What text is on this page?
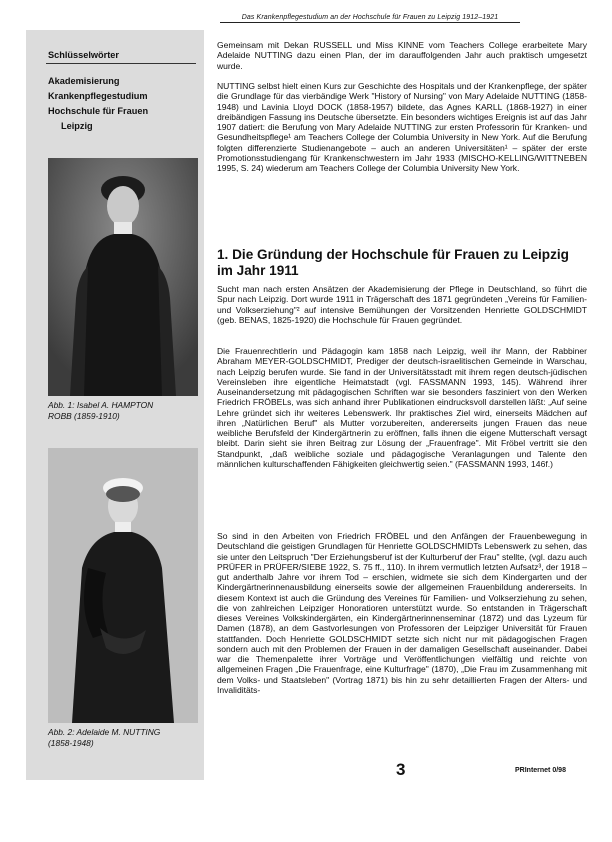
Das Krankenpflegestudium an der Hochschule für Frauen zu Leipzig 1912–1921
Schlüsselwörter
Akademisierung
Krankenpflegestudium
Hochschule für Frauen
Leipzig
Abb. 1: Isabel A. HAMPTON
ROBB (1859-1910)
Abb. 2: Adelaide M. NUTTING
(1858-1948)

Gemeinsam mit Dekan RUSSELL und Miss KINNE vom Teachers College erarbeitete Mary Adelaide NUTTING dazu einen Plan, der im darauffolgenden Jahr auch praktisch umgesetzt wurde.

NUTTING selbst hielt einen Kurs zur Geschichte des Hospitals und der Krankenpflege, der später die Grundlage für das vierbändige Werk "History of Nursing" von Mary Adelaide NUTTING (1858-1948) und Lavinia Lloyd DOCK (1858-1957) bildete, das Agnes KARLL (1868-1927) in einer dreibändigen Fassung ins Deutsche übersetzte. Ein besonders wichtiges Ereignis ist auf das Jahr 1907 datiert: die Berufung von Mary Adelaide NUTTING zur ersten Professorin für Kranken- und Gesundheitspflege¹ am Teachers College der Columbia University in New York. Auf die Berufung folgten differenzierte Studienangebote – auch an anderen Universitäten¹ – später der erste Promotionsstudiengang für Krankenschwestern im Jahr 1933 (MISCHO-KELLING/WITTNEBEN 1995, S. 24) wiederum am Teachers College der Columbia University New York.

1. Die Gründung der Hochschule für Frauen zu Leipzig im Jahr 1911

Sucht man nach ersten Ansätzen der Akademisierung der Pflege in Deutschland, so führt die Spur nach Leipzig. Dort wurde 1911 in Trägerschaft des 1871 gegründeten „Vereins für Familien- und Volkserziehung"² auf intensive Bemühungen der Vorsitzenden Henriette GOLDSCHMIDT (geb. BENAS, 1825-1920) die Hochschule für Frauen gegründet.

Die Frauenrechtlerin und Pädagogin kam 1858 nach Leipzig, weil ihr Mann, der Rabbiner Abraham MEYER-GOLDSCHMIDT, Prediger der deutsch-israelitischen Gemeinde in Warschau, nach Leipzig berufen wurde. Sie fand in der Universitätsstadt mit ihrem regen deutsch-jüdischen Vereinsleben ihre eigentliche Heimatstadt (vgl. FASSMANN 1993, 145). Während ihrer Auseinandersetzung mit pädagogischen Schriften war sie besonders fasziniert von den Werken Friedrich FRÖBELs, was sich anhand ihrer Publikationen eindrucksvoll darstellen läßt: „Auf seine Lehre gründet sich ihr weiteres Lebenswerk. Ihr praktisches Ziel wird, einerseits Mädchen auf ihren „Natürlichen Beruf" als Mutter vorzubereiten, andererseits jungen Frauen das neue weibliche Berufsfeld der Kindergärtnerin zu eröffnen, falls ihnen die eigene Mutterschaft versagt bleibt. Darin sieht sie ihren Beitrag zur Lösung der „Frauenfrage". Mit Fröbel vertritt sie den Standpunkt, „daß weibliche soziale und pädagogische Veranlagungen und Talente den männlichen kulturschaffenden Fähigkeiten gleichwertig seien." (FASSMANN 1993, 146f.)

So sind in den Arbeiten von Friedrich FRÖBEL und den Anfängen der Frauenbewegung in Deutschland die geistigen Grundlagen für Henriette GOLDSCHMIDTs Lebenswerk zu sehen, das sie unter den Leitspruch "Der Erziehungsberuf ist der Kulturberuf der Frau" stellte, (vgl. dazu auch PRÜFER in PRÜFER/SIEBE 1922, S. 75 ff., 110). In ihrem vermutlich letzten Aufsatz³, der 1918 – gut anderthalb Jahre vor ihrem Tod – erschien, widmete sie sich dem Kindergarten und der Kindergärtnerinnenausbildung einerseits sowie der allgemeinen Frauenbildung andererseits. In diesem Kontext ist auch die Gründung des Vereines für Familien- und Volkserziehung zu sehen, die von zahlreichen Leipziger Honoratioren unterstützt wurde. So entstanden in Trägerschaft dieses Vereines Volkskindergärten, ein Kindergärtnerinnenseminar (1872) und das Lyzeum für Damen (1878), an dem Gastvorlesungen von Professoren der Leipziger Universität für Frauen stattfanden. Doch Henriette GOLDSCHMIDT setzte sich nicht nur mit pädagogischen Fragen sondern auch mit den Problemen der Frauen in der damaligen Gesellschaft auseinander. Dabei war die Themenpalette ihrer Vorträge und Veröffentlichungen vielfältig und reichte von allgemeinen Fragen „Die Frauenfrage, eine Kulturfrage" (1870), „Die Frau im Zusammenhang mit dem Volks- und Staatsleben" (Vortrag 1871) bis hin zu sehr detaillierten Fragen der Alters- und Invaliditäts-

3	PRInternet 0/98
